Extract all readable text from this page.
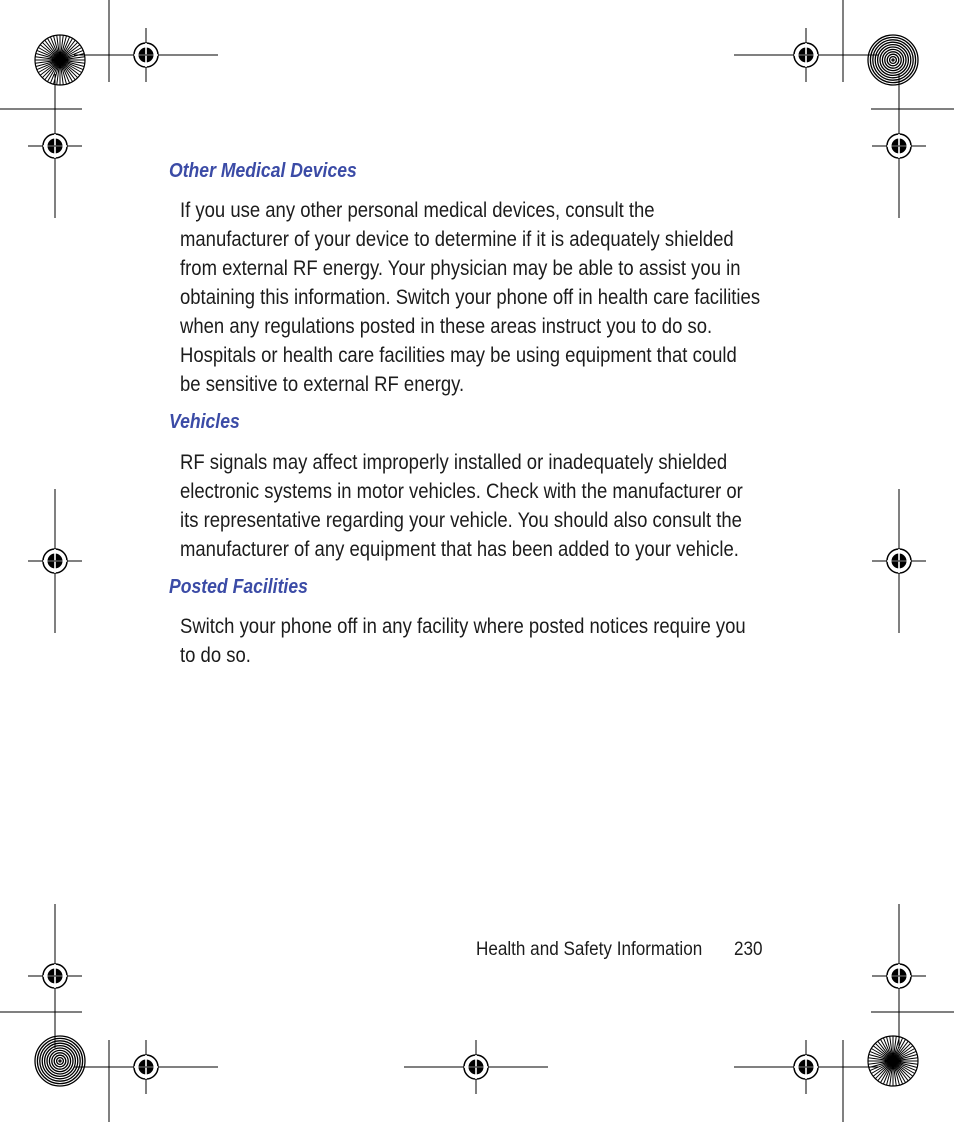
Other Medical Devices

If you use any other personal medical devices, consult the manufacturer of your device to determine if it is adequately shielded from external RF energy. Your physician may be able to assist you in obtaining this information. Switch your phone off in health care facilities when any regulations posted in these areas instruct you to do so. Hospitals or health care facilities may be using equipment that could be sensitive to external RF energy.

Vehicles

RF signals may affect improperly installed or inadequately shielded electronic systems in motor vehicles. Check with the manufacturer or its representative regarding your vehicle. You should also consult the manufacturer of any equipment that has been added to your vehicle.

Posted Facilities

Switch your phone off in any facility where posted notices require you to do so.

Health and Safety Information 230
